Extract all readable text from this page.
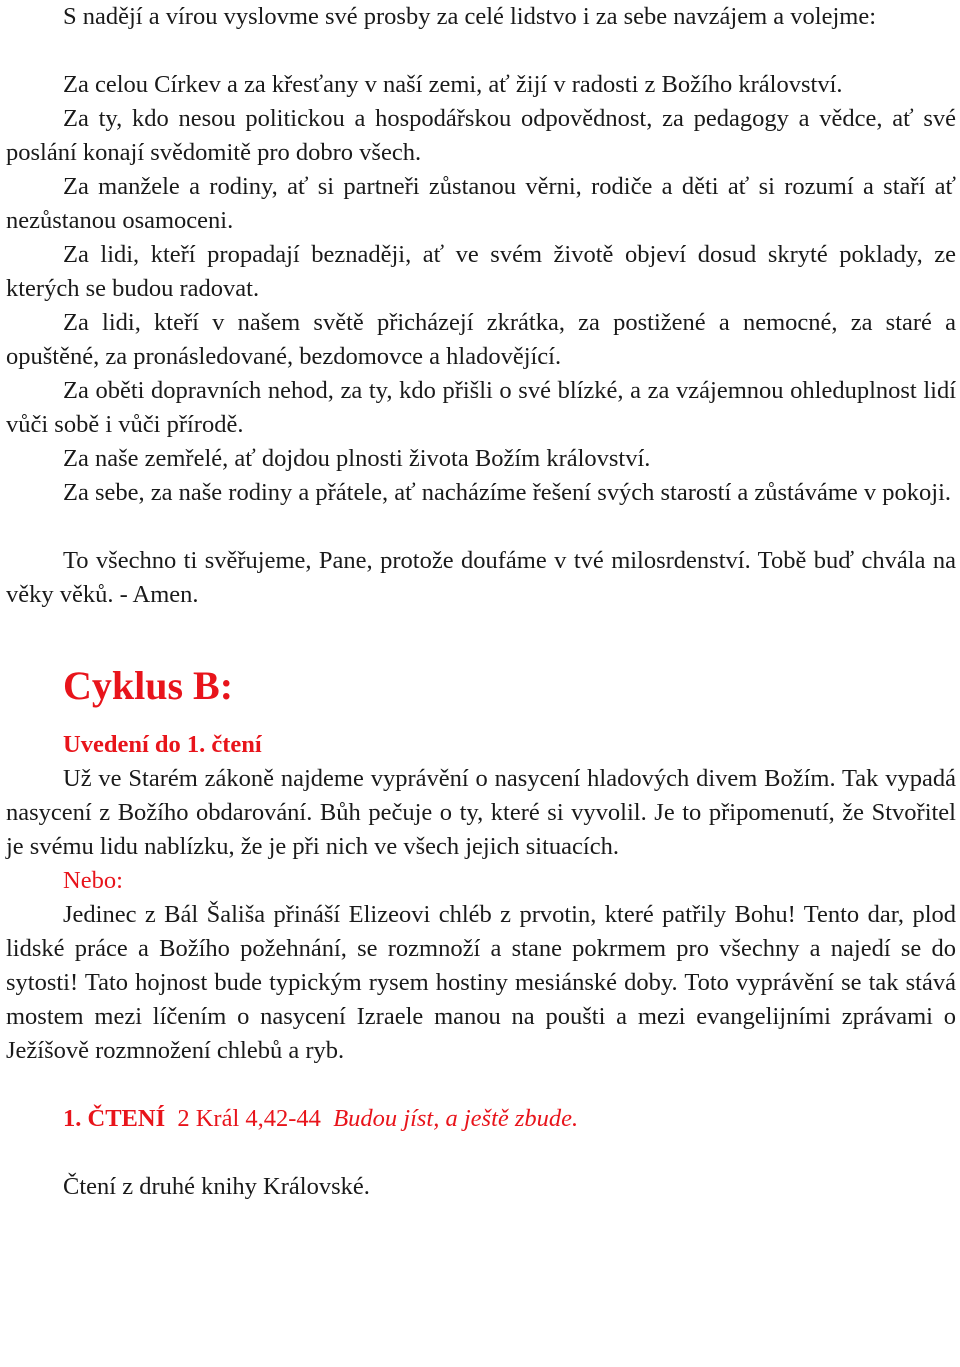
S nadějí a vírou vyslovme své prosby za celé lidstvo i za sebe navzájem a volejme:

Za celou Církev a za křesťany v naší zemi, ať žijí v radosti z Božího království.

Za ty, kdo nesou politickou a hospodářskou odpovědnost, za pedagogy a vědce, ať své poslání konají svědomitě pro dobro všech.

Za manžele a rodiny, ať si partneři zůstanou věrni, rodiče a děti ať si rozumí a staří ať nezůstanou osamoceni.

Za lidi, kteří propadají beznaději, ať ve svém životě objeví dosud skryté poklady, ze kterých se budou radovat.

Za lidi, kteří v našem světě přicházejí zkrátka, za postižené a nemocné, za staré a opuštěné, za pronásledované, bezdomovce a hladovějící.

Za oběti dopravních nehod, za ty, kdo přišli o své blízké, a za vzájemnou ohleduplnost lidí vůči sobě i vůči přírodě.

Za naše zemřelé, ať dojdou plnosti života Božím království.

Za sebe, za naše rodiny a přátele, ať nacházíme řešení svých starostí a zůstáváme v pokoji.

To všechno ti svěřujeme, Pane, protože doufáme v tvé milosrdenství. Tobě buď chvála na věky věků. - Amen.

Cyklus B:
Uvedení do 1. čtení

Už ve Starém zákoně najdeme vyprávění o nasycení hladových divem Božím. Tak vypadá nasycení z Božího obdarování. Bůh pečuje o ty, které si vyvolil. Je to připomenutí, že Stvořitel je svému lidu nablízku, že je při nich ve všech jejich situacích.

Nebo:

Jedinec z Bál Šališa přináší Elizeovi chléb z prvotin, které patřily Bohu! Tento dar, plod lidské práce a Božího požehnání, se rozmnoží a stane pokrmem pro všechny a najedí se do sytosti! Tato hojnost bude typickým rysem hostiny mesiánské doby. Toto vyprávění se tak stává mostem mezi líčením o nasycení Izraele manou na poušti a mezi evangelijními zprávami o Ježíšově rozmnožení chlebů a ryb.

1. ČTENÍ 2 Král 4,42-44 Budou jíst, a ještě zbude.
Čtení z druhé knihy Královské.
